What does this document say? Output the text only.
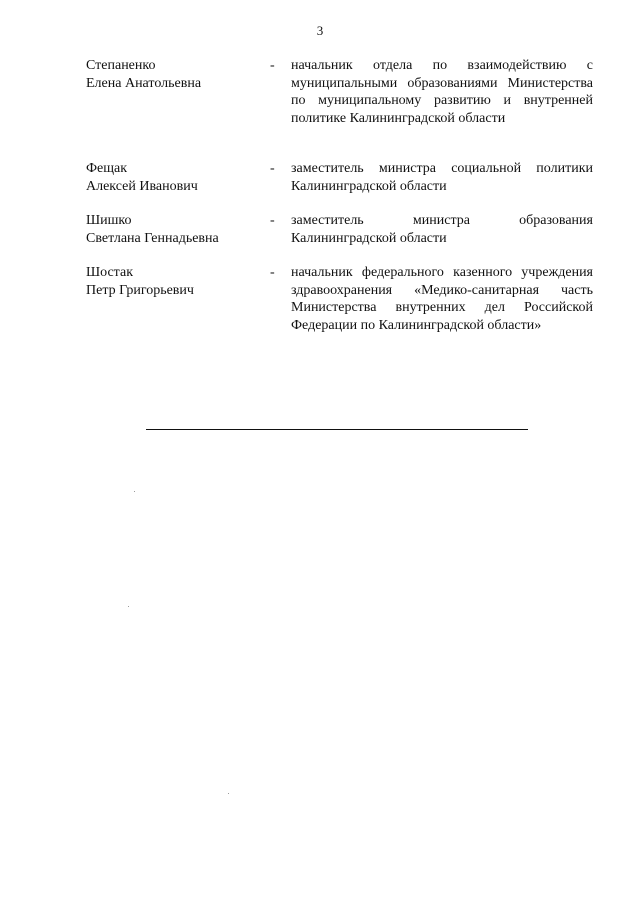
3
Степаненко
Елена Анатольевна
- начальник отдела по взаимодействию с муниципальными образованиями Министерства по муниципальному развитию и внутренней политике Калининградской области
Фещак
Алексей Иванович
- заместитель министра социальной политики Калининградской области
Шишко
Светлана Геннадьевна
- заместитель министра образования Калининградской области
Шостак
Петр Григорьевич
- начальник федерального казенного учреждения здравоохранения «Медико-санитарная часть Министерства внутренних дел Российской Федерации по Калининградской области»
